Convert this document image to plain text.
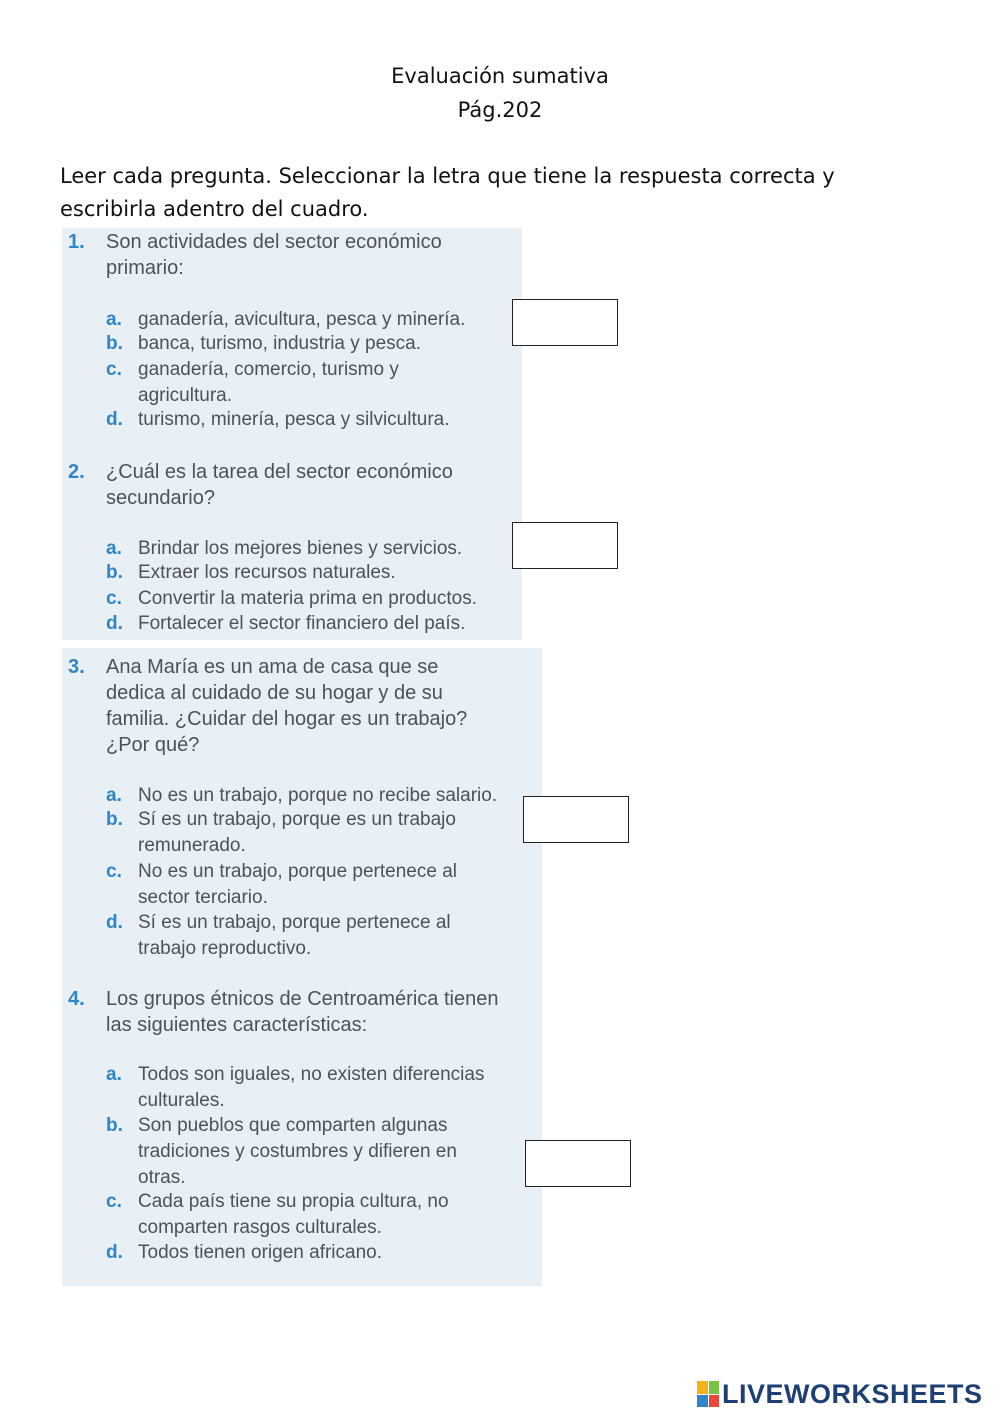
Evaluación sumativa
Pág.202
Leer cada pregunta. Seleccionar la letra que tiene la respuesta correcta y
escribirla adentro del cuadro.
1. Son actividades del sector económico
primario:
a. ganadería, avicultura, pesca y minería.
b. banca, turismo, industria y pesca.
c. ganadería, comercio, turismo y
agricultura.
d. turismo, minería, pesca y silvicultura.
2. ¿Cuál es la tarea del sector económico
secundario?
a. Brindar los mejores bienes y servicios.
b. Extraer los recursos naturales.
c. Convertir la materia prima en productos.
d. Fortalecer el sector financiero del país.
3. Ana María es un ama de casa que se
dedica al cuidado de su hogar y de su
familia. ¿Cuidar del hogar es un trabajo?
¿Por qué?
a. No es un trabajo, porque no recibe salario.
b. Sí es un trabajo, porque es un trabajo
remunerado.
c. No es un trabajo, porque pertenece al
sector terciario.
d. Sí es un trabajo, porque pertenece al
trabajo reproductivo.
4. Los grupos étnicos de Centroamérica tienen
las siguientes características:
a. Todos son iguales, no existen diferencias
culturales.
b. Son pueblos que comparten algunas
tradiciones y costumbres y difieren en
otras.
c. Cada país tiene su propia cultura, no
comparten rasgos culturales.
d. Todos tienen origen africano.
LIVEWORKSHEETS
